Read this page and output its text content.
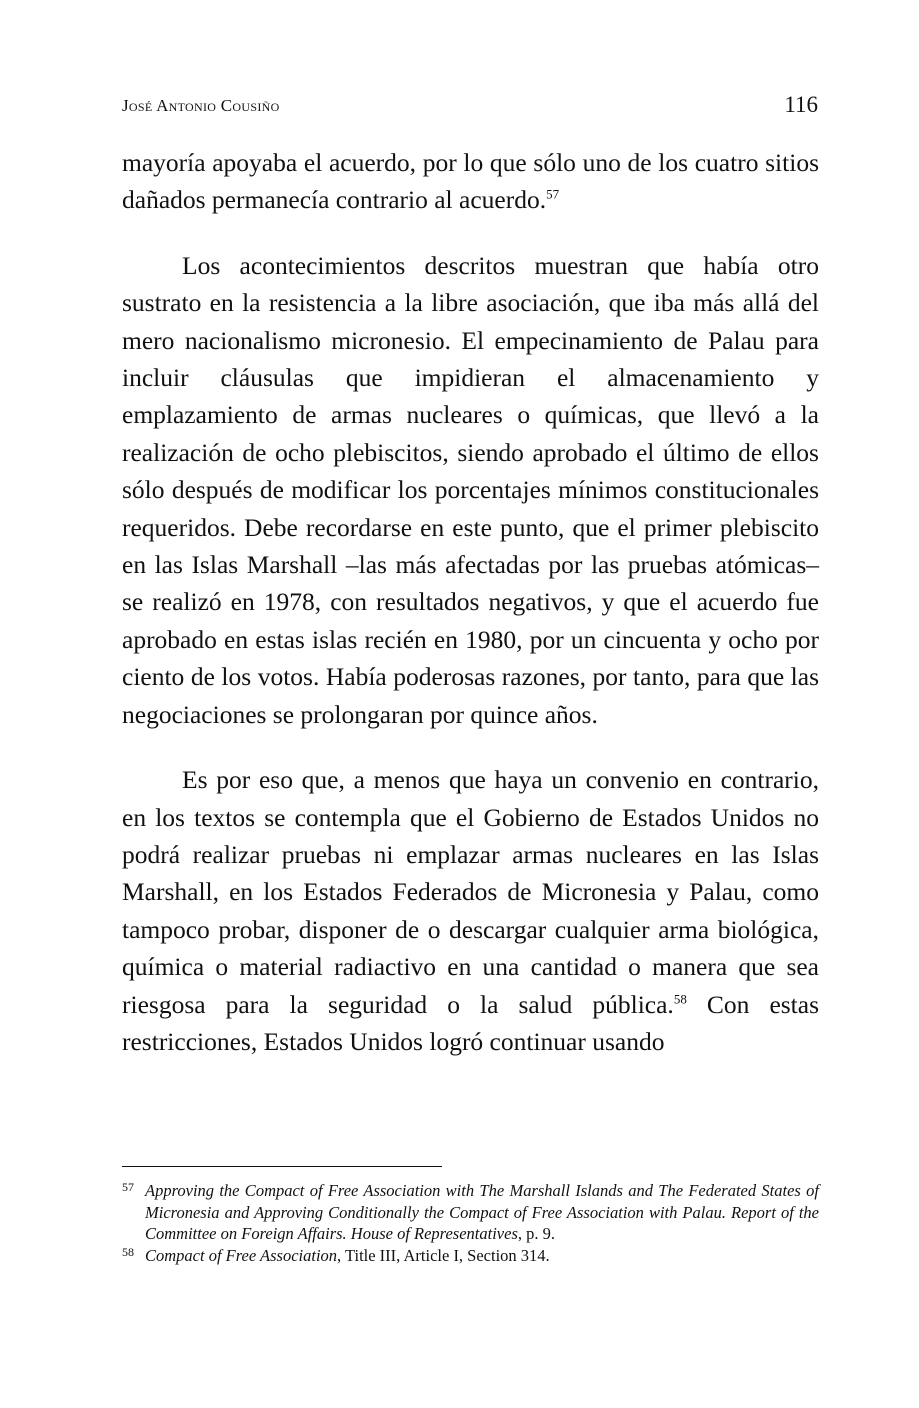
José Antonio Cousiño	116

mayoría apoyaba el acuerdo, por lo que sólo uno de los cuatro sitios dañados permanecía contrario al acuerdo.$^{57}$

Los acontecimientos descritos muestran que había otro sustrato en la resistencia a la libre asociación, que iba más allá del mero nacionalismo micronesio. El empecinamiento de Palau para incluir cláusulas que impidieran el almacenamiento y emplazamiento de armas nucleares o químicas, que llevó a la realización de ocho plebiscitos, siendo aprobado el último de ellos sólo después de modificar los porcentajes mínimos constitucionales requeridos. Debe recordarse en este punto, que el primer plebiscito en las Islas Marshall –las más afectadas por las pruebas atómicas– se realizó en 1978, con resultados negativos, y que el acuerdo fue aprobado en estas islas recién en 1980, por un cincuenta y ocho por ciento de los votos. Había poderosas razones, por tanto, para que las negociaciones se prolongaran por quince años.

Es por eso que, a menos que haya un convenio en contrario, en los textos se contempla que el Gobierno de Estados Unidos no podrá realizar pruebas ni emplazar armas nucleares en las Islas Marshall, en los Estados Federados de Micronesia y Palau, como tampoco probar, disponer de o descargar cualquier arma biológica, química o material radiactivo en una cantidad o manera que sea riesgosa para la seguridad o la salud pública.$^{58}$ Con estas restricciones, Estados Unidos logró continuar usando

57 Approving the Compact of Free Association with The Marshall Islands and The Federated States of Micronesia and Approving Conditionally the Compact of Free Association with Palau. Report of the Committee on Foreign Affairs. House of Representatives, p. 9.

58 Compact of Free Association, Title III, Article I, Section 314.
